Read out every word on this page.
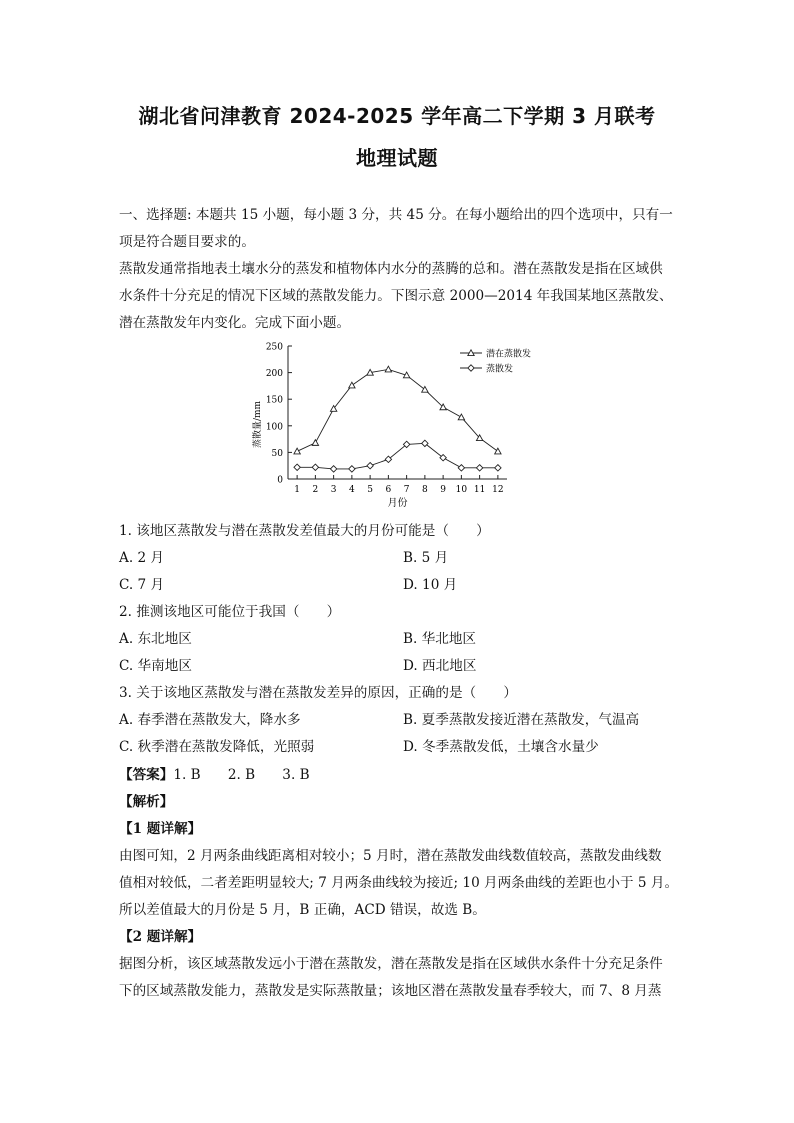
湖北省问津教育 2024-2025 学年高二下学期 3 月联考
地理试题
一、选择题: 本题共 15 小题，每小题 3 分，共 45 分。在每小题给出的四个选项中，只有一
项是符合题目要求的。
蒸散发通常指地表土壤水分的蒸发和植物体内水分的蒸腾的总和。潜在蒸散发是指在区域供
水条件十分充足的情况下区域的蒸散发能力。下图示意 2000—2014 年我国某地区蒸散发、
潜在蒸散发年内变化。完成下面小题。
0
50
100
150
200
250
1 2 3 4 5 6 7 8 9 10 11 12
潜在蒸散发
蒸散发
月份
蒸散量/mm
1. 该地区蒸散发与潜在蒸散发差值最大的月份可能是（　　）
A. 2 月	B. 5 月
C. 7 月	D. 10 月
2. 推测该地区可能位于我国（　　）
A. 东北地区	B. 华北地区
C. 华南地区	D. 西北地区
3. 关于该地区蒸散发与潜在蒸散发差异的原因，正确的是（　　）
A. 春季潜在蒸散发大，降水多	B. 夏季蒸散发接近潜在蒸散发，气温高
C. 秋季潜在蒸散发降低，光照弱	D. 冬季蒸散发低，土壤含水量少
【答案】1. B　　2. B　　3. B
【解析】
【1 题详解】
由图可知，2 月两条曲线距离相对较小；5 月时，潜在蒸散发曲线数值较高，蒸散发曲线数
值相对较低，二者差距明显较大; 7 月两条曲线较为接近; 10 月两条曲线的差距也小于 5 月。
所以差值最大的月份是 5 月，B 正确，ACD 错误，故选 B。
【2 题详解】
据图分析，该区域蒸散发远小于潜在蒸散发，潜在蒸散发是指在区域供水条件十分充足条件
下的区域蒸散发能力，蒸散发是实际蒸散量；该地区潜在蒸散发量春季较大，而 7、8 月蒸
